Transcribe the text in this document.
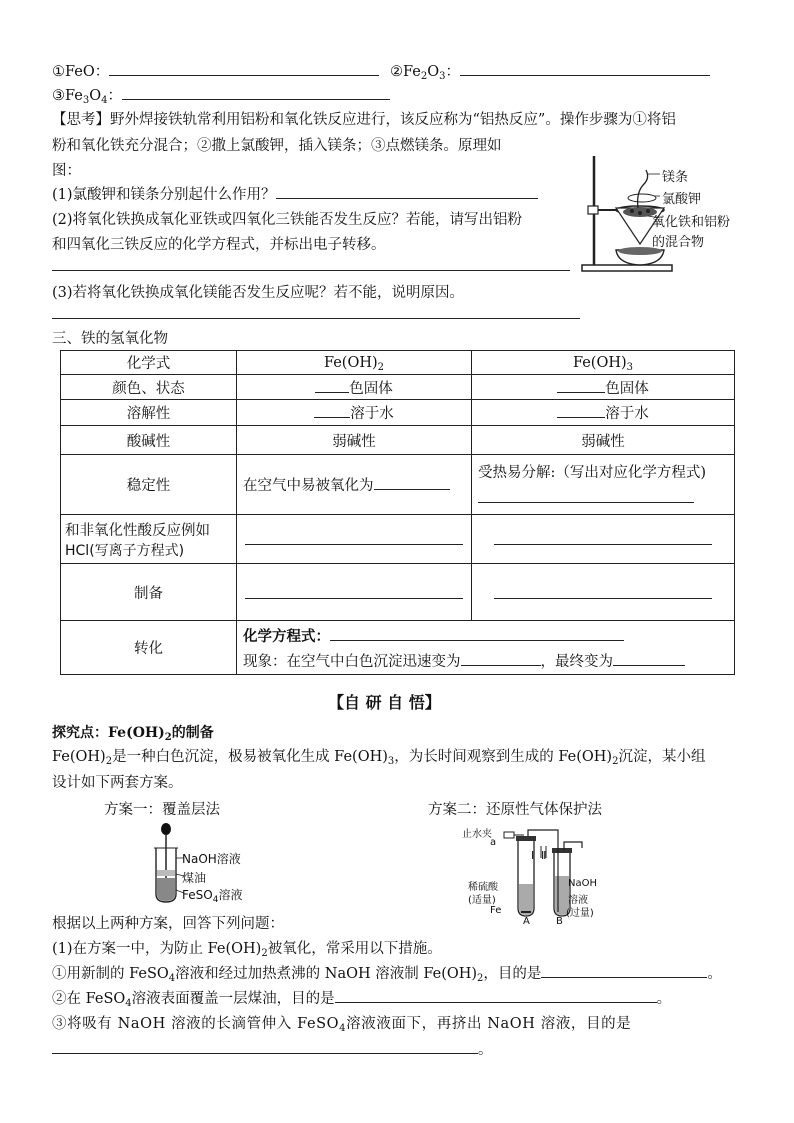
①FeO：	$②Fe_2O_3$：
$③Fe_3O_4$：
【思考】野外焊接铁轨常利用铝粉和氧化铁反应进行，该反应称为“铝热反应”。操作步骤为①将铝
粉和氧化铁充分混合；②撒上氯酸钾，插入镁条；③点燃镁条。原理如
图：
(1)氯酸钾和镁条分别起什么作用？
(2)将氧化铁换成氧化亚铁或四氧化三铁能否发生反应？若能，请写出铝粉
和四氧化三铁反应的化学方程式，并标出电子转移。
(3)若将氧化铁换成氧化镁能否发生反应呢？若不能，说明原因。
镁条
氯酸钾
氧化铁和铝粉
的混合物
三、铁的氢氧化物
化学式	$Fe(OH)_2$	$Fe(OH)_3$
颜色、状态	色固体	色固体
溶解性	溶于水	溶于水
酸碱性	弱碱性	弱碱性
稳定性	在空气中易被氧化为	受热易分解:（写出对应化学方程式)

和非氧化性酸反应例如
HCl(写离子方程式)		

制备	

转化	化学方程式：
现象：在空气中白色沉淀迅速变为 ，最终变为	
【自 研 自 悟】
探究点：$Fe(OH)_2$的制备
$Fe(OH)_2$是一种白色沉淀，极易被氧化生成 $Fe(OH)_3$，为长时间观察到生成的 $Fe(OH)_2$沉淀，某小组
设计如下两套方案。
方案一：覆盖层法	方案二：还原性气体保护法
NaOH溶液
煤油
FeSO$_4$溶液
止水夹
a
Ⅰ Ⅱ
稀硫酸
(适量)
Fe
A
NaOH
溶液
(过量)
B
根据以上两种方案，回答下列问题：
(1)在方案一中，为防止 $Fe(OH)_2$被氧化，常采用以下措施。
①用新制的 FeSO$_4$溶液和经过加热煮沸的 NaOH 溶液制 $Fe(OH)_2$，目的是	。
②在 FeSO$_4$溶液表面覆盖一层煤油，目的是	。
③将吸有 NaOH 溶液的长滴管伸入 FeSO$_4$溶液液面下，再挤出 NaOH 溶液，目的是
。
